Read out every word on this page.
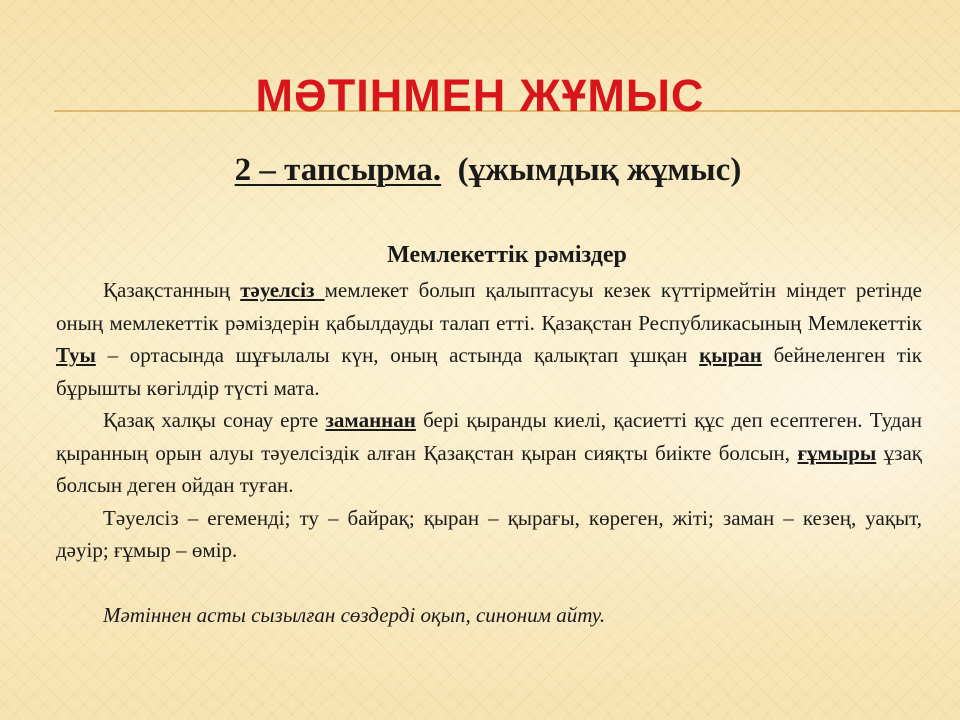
МӘТІНМЕН ЖҰМЫС
2 – тапсырма. (ұжымдық жұмыс)
Мемлекеттік рәміздер

Қазақстанның тәуелсіз мемлекет болып қалыптасуы кезек күттірмейтін міндет ретінде оның мемлекеттік рәміздерін қабылдауды талап етті. Қазақстан Республикасының Мемлекеттік Туы – ортасында шұғылалы күн, оның астында қалықтап ұшқан қыран бейнеленген тік бұрышты көгілдір түсті мата.

Қазақ халқы сонау ерте заманнан бері қыранды киелі, қасиетті құс деп есептеген. Тудан қыранның орын алуы тәуелсіздік алған Қазақстан қыран сияқты биікте болсын, ғұмыры ұзақ болсын деген ойдан туған.

Тәуелсіз – егеменді; ту – байрақ; қыран – қырағы, көреген, жіті; заман – кезең, уақыт, дәуір; ғұмыр – өмір.

Мәтіннен асты сызылған сөздерді оқып, синоним айту.
